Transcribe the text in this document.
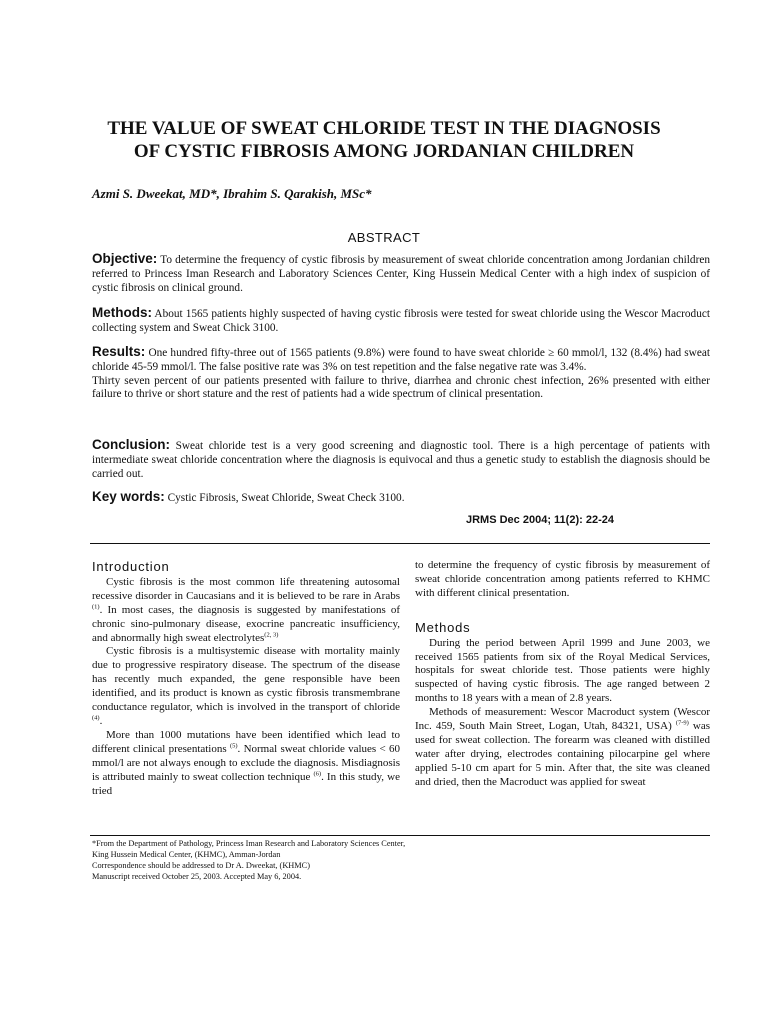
THE VALUE OF SWEAT CHLORIDE TEST IN THE DIAGNOSIS
OF CYSTIC FIBROSIS AMONG JORDANIAN CHILDREN
Azmi S. Dweekat, MD*, Ibrahim S. Qarakish, MSc*
ABSTRACT

Objective: To determine the frequency of cystic fibrosis by measurement of sweat chloride concentration among Jordanian children referred to Princess Iman Research and Laboratory Sciences Center, King Hussein Medical Center with a high index of suspicion of cystic fibrosis on clinical ground.

Methods: About 1565 patients highly suspected of having cystic fibrosis were tested for sweat chloride using the Wescor Macroduct collecting system and Sweat Chick 3100.

Results: One hundred fifty-three out of 1565 patients (9.8%) were found to have sweat chloride ≥ 60 mmol/l, 132 (8.4%) had sweat chloride 45-59 mmol/l. The false positive rate was 3% on test repetition and the false negative rate was 3.4%.
Thirty seven percent of our patients presented with failure to thrive, diarrhea and chronic chest infection, 26% presented with either failure to thrive or short stature and the rest of patients had a wide spectrum of clinical presentation.

Conclusion: Sweat chloride test is a very good screening and diagnostic tool. There is a high percentage of patients with intermediate sweat chloride concentration where the diagnosis is equivocal and thus a genetic study to establish the diagnosis should be carried out.

Key words: Cystic Fibrosis, Sweat Chloride, Sweat Check 3100.

JRMS Dec 2004; 11(2): 22-24
Introduction

Cystic fibrosis is the most common life threatening autosomal recessive disorder in Caucasians and it is believed to be rare in Arabs $^{(1)}$. In most cases, the diagnosis is suggested by manifestations of chronic sino-pulmonary disease, exocrine pancreatic insufficiency, and abnormally high sweat electrolytes$^{(2, 3)}$

Cystic fibrosis is a multisystemic disease with mortality mainly due to progressive respiratory disease. The spectrum of the disease has recently much expanded, the gene responsible have been identified, and its product is known as cystic fibrosis transmembrane conductance regulator, which is involved in the transport of chloride $^{(4)}$.

More than 1000 mutations have been identified which lead to different clinical presentations $^{(5)}$. Normal sweat chloride values < 60 mmol/l are not always enough to exclude the diagnosis. Misdiagnosis is attributed mainly to sweat collection technique $^{(6)}$. In this study, we tried

to determine the frequency of cystic fibrosis by measurement of sweat chloride concentration among patients referred to KHMC with different clinical presentation.

Methods

During the period between April 1999 and June 2003, we received 1565 patients from six of the Royal Medical Services, hospitals for sweat chloride test. Those patients were highly suspected of having cystic fibrosis. The age ranged between 2 months to 18 years with a mean of 2.8 years.

Methods of measurement: Wescor Macroduct system (Wescor Inc. 459, South Main Street, Logan, Utah, 84321, USA) $^{(7-9)}$ was used for sweat collection. The forearm was cleaned with distilled water after drying, electrodes containing pilocarpine gel where applied 5-10 cm apart for 5 min. After that, the site was cleaned and dried, then the Macroduct was applied for sweat

*From the Department of Pathology, Princess Iman Research and Laboratory Sciences Center,
King Hussein Medical Center, (KHMC), Amman-Jordan
Correspondence should be addressed to Dr A. Dweekat, (KHMC)
Manuscript received October 25, 2003. Accepted May 6, 2004.
